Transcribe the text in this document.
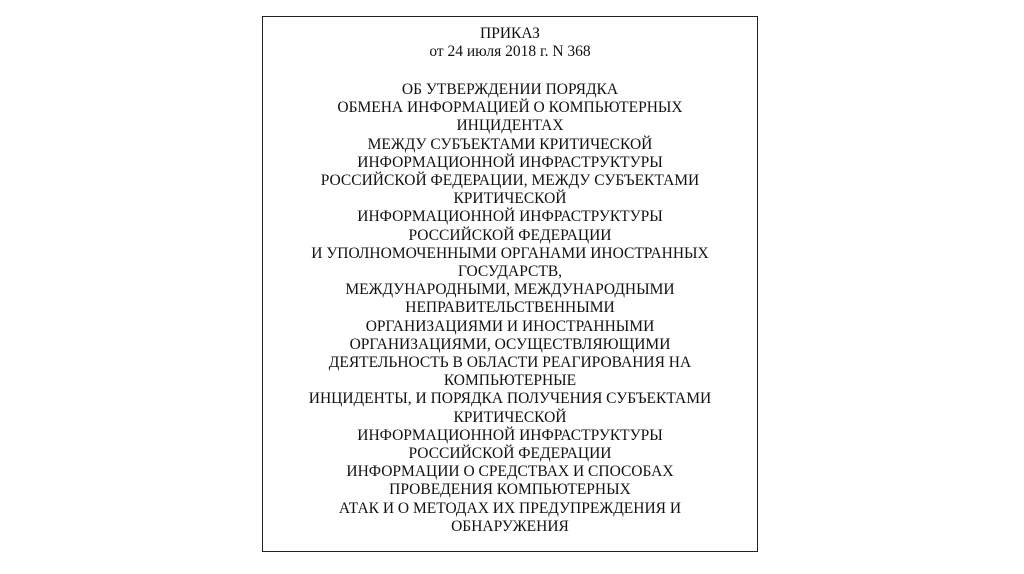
ПРИКАЗ
от 24 июля 2018 г. N 368
ОБ УТВЕРЖДЕНИИ ПОРЯДКА
ОБМЕНА ИНФОРМАЦИЕЙ О КОМПЬЮТЕРНЫХ
ИНЦИДЕНТАХ
МЕЖДУ СУБЪЕКТАМИ КРИТИЧЕСКОЙ
ИНФОРМАЦИОННОЙ ИНФРАСТРУКТУРЫ
РОССИЙСКОЙ ФЕДЕРАЦИИ, МЕЖДУ СУБЪЕКТАМИ
КРИТИЧЕСКОЙ
ИНФОРМАЦИОННОЙ ИНФРАСТРУКТУРЫ
РОССИЙСКОЙ ФЕДЕРАЦИИ
И УПОЛНОМОЧЕННЫМИ ОРГАНАМИ ИНОСТРАННЫХ
ГОСУДАРСТВ,
МЕЖДУНАРОДНЫМИ, МЕЖДУНАРОДНЫМИ
НЕПРАВИТЕЛЬСТВЕННЫМИ
ОРГАНИЗАЦИЯМИ И ИНОСТРАННЫМИ
ОРГАНИЗАЦИЯМИ, ОСУЩЕСТВЛЯЮЩИМИ
ДЕЯТЕЛЬНОСТЬ В ОБЛАСТИ РЕАГИРОВАНИЯ НА
КОМПЬЮТЕРНЫЕ
ИНЦИДЕНТЫ, И ПОРЯДКА ПОЛУЧЕНИЯ СУБЪЕКТАМИ
КРИТИЧЕСКОЙ
ИНФОРМАЦИОННОЙ ИНФРАСТРУКТУРЫ
РОССИЙСКОЙ ФЕДЕРАЦИИ
ИНФОРМАЦИИ О СРЕДСТВАХ И СПОСОБАХ
ПРОВЕДЕНИЯ КОМПЬЮТЕРНЫХ
АТАК И О МЕТОДАХ ИХ ПРЕДУПРЕЖДЕНИЯ И
ОБНАРУЖЕНИЯ
